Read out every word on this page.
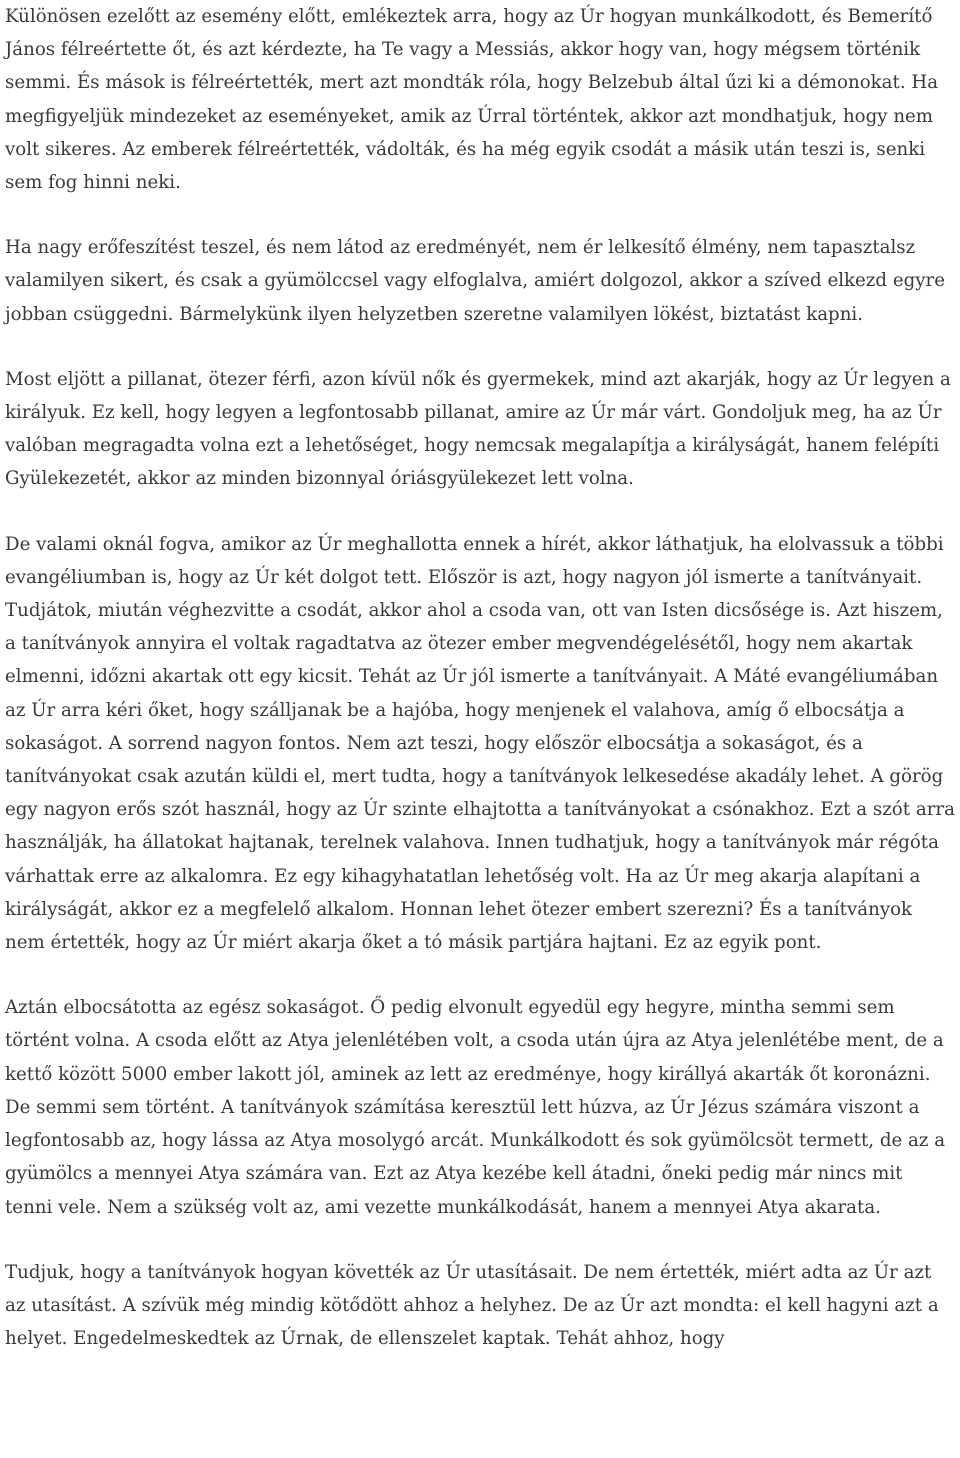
Különösen ezelőtt az esemény előtt, emlékeztek arra, hogy az Úr hogyan munkálkodott, és Bemerítő János félreértette őt, és azt kérdezte, ha Te vagy a Messiás, akkor hogy van, hogy mégsem történik semmi. És mások is félreértették, mert azt mondták róla, hogy Belzebub által űzi ki a démonokat. Ha megfigyeljük mindezeket az eseményeket, amik az Úrral történtek, akkor azt mondhatjuk, hogy nem volt sikeres. Az emberek félreértették, vádolták, és ha még egyik csodát a másik után teszi is, senki sem fog hinni neki.

Ha nagy erőfeszítést teszel, és nem látod az eredményét, nem ér lelkesítő élmény, nem tapasztalsz valamilyen sikert, és csak a gyümölccsel vagy elfoglalva, amiért dolgozol, akkor a szíved elkezd egyre jobban csüggedni. Bármelykünk ilyen helyzetben szeretne valamilyen lökést, biztatást kapni.

Most eljött a pillanat, ötezer férfi, azon kívül nők és gyermekek, mind azt akarják, hogy az Úr legyen a királyuk. Ez kell, hogy legyen a legfontosabb pillanat, amire az Úr már várt. Gondoljuk meg, ha az Úr valóban megragadta volna ezt a lehetőséget, hogy nemcsak megalapítja a királyságát, hanem felépíti Gyülekezetét, akkor az minden bizonnyal óriásgyülekezet lett volna.

De valami oknál fogva, amikor az Úr meghallotta ennek a hírét, akkor láthatjuk, ha elolvassuk a többi evangéliumban is, hogy az Úr két dolgot tett. Először is azt, hogy nagyon jól ismerte a tanítványait. Tudjátok, miután véghezvitte a csodát, akkor ahol a csoda van, ott van Isten dicsősége is. Azt hiszem, a tanítványok annyira el voltak ragadtatva az ötezer ember megvendégelésétől, hogy nem akartak elmenni, időzni akartak ott egy kicsit. Tehát az Úr jól ismerte a tanítványait. A Máté evangéliumában az Úr arra kéri őket, hogy szálljanak be a hajóba, hogy menjenek el valahova, amíg ő elbocsátja a sokaságot. A sorrend nagyon fontos. Nem azt teszi, hogy először elbocsátja a sokaságot, és a tanítványokat csak azután küldi el, mert tudta, hogy a tanítványok lelkesedése akadály lehet. A görög egy nagyon erős szót használ, hogy az Úr szinte elhajtotta a tanítványokat a csónakhoz. Ezt a szót arra használják, ha állatokat hajtanak, terelnek valahova. Innen tudhatjuk, hogy a tanítványok már régóta várhattak erre az alkalomra. Ez egy kihagyhatatlan lehetőség volt. Ha az Úr meg akarja alapítani a királyságát, akkor ez a megfelelő alkalom. Honnan lehet ötezer embert szerezni? És a tanítványok nem értették, hogy az Úr miért akarja őket a tó másik partjára hajtani. Ez az egyik pont.

Aztán elbocsátotta az egész sokaságot. Ő pedig elvonult egyedül egy hegyre, mintha semmi sem történt volna. A csoda előtt az Atya jelenlétében volt, a csoda után újra az Atya jelenlétébe ment, de a kettő között 5000 ember lakott jól, aminek az lett az eredménye, hogy királlyá akarták őt koronázni. De semmi sem történt. A tanítványok számítása keresztül lett húzva, az Úr Jézus számára viszont a legfontosabb az, hogy lássa az Atya mosolygó arcát. Munkálkodott és sok gyümölcsöt termett, de az a gyümölcs a mennyei Atya számára van. Ezt az Atya kezébe kell átadni, őneki pedig már nincs mit tenni vele. Nem a szükség volt az, ami vezette munkálkodását, hanem a mennyei Atya akarata.

Tudjuk, hogy a tanítványok hogyan követték az Úr utasításait. De nem értették, miért adta az Úr azt az utasítást. A szívük még mindig kötődött ahhoz a helyhez. De az Úr azt mondta: el kell hagyni azt a helyet. Engedelmeskedtek az Úrnak, de ellenszelet kaptak. Tehát ahhoz, hogy
